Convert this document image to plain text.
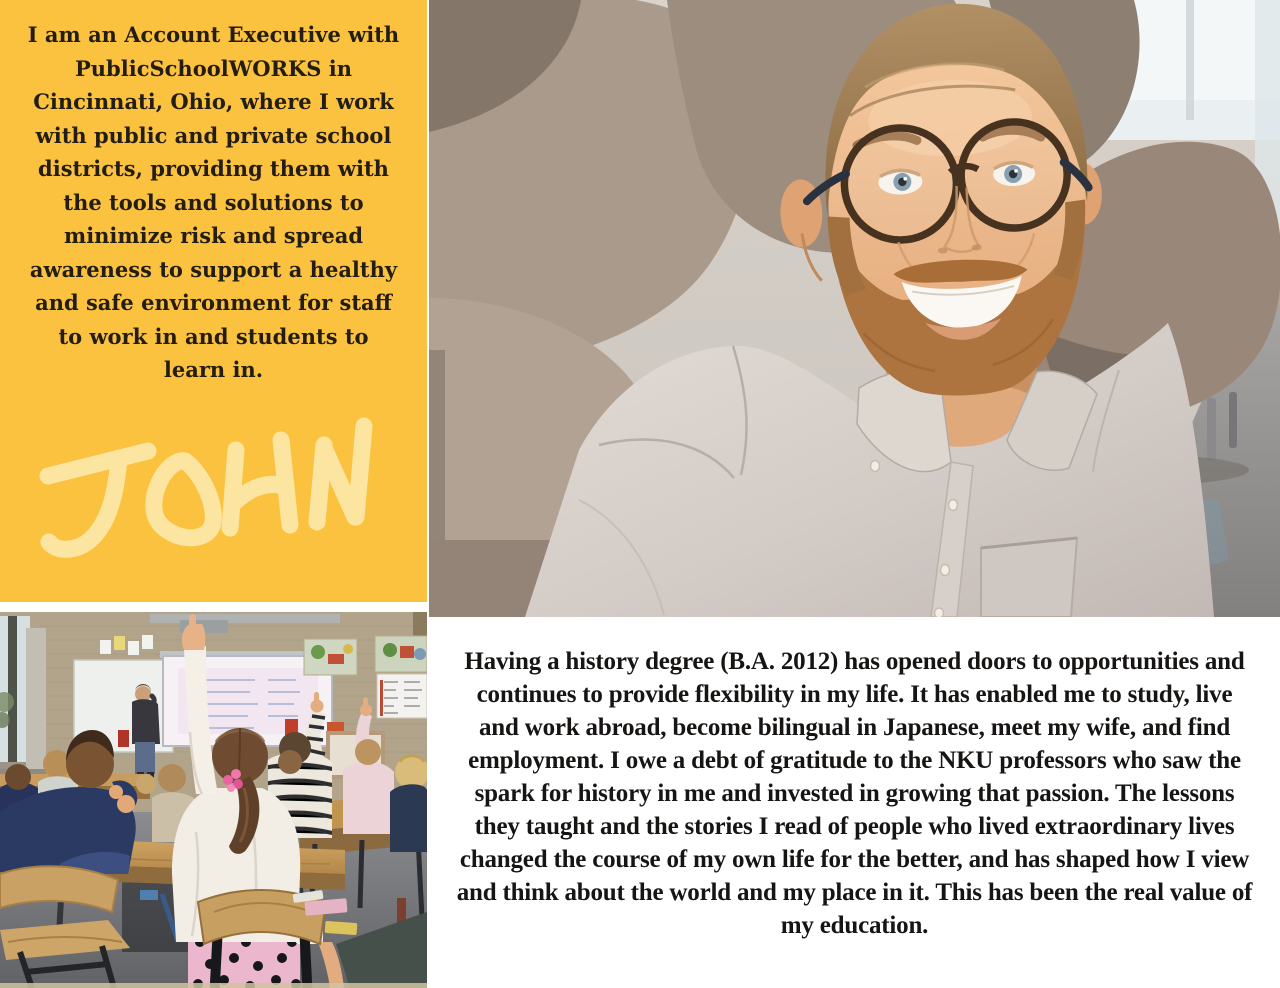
I am an Account Executive with PublicSchoolWORKS in Cincinnati, Ohio, where I work with public and private school districts, providing them with the tools and solutions to minimize risk and spread awareness to support a healthy and safe environment for staff to work in and students to learn in.
Having a history degree (B.A. 2012) has opened doors to opportunities and continues to provide flexibility in my life. It has enabled me to study, live and work abroad, become bilingual in Japanese, meet my wife, and find employment. I owe a debt of gratitude to the NKU professors who saw the spark for history in me and invested in growing that passion. The lessons they taught and the stories I read of people who lived extraordinary lives changed the course of my own life for the better, and has shaped how I view and think about the world and my place in it. This has been the real value of my education.
